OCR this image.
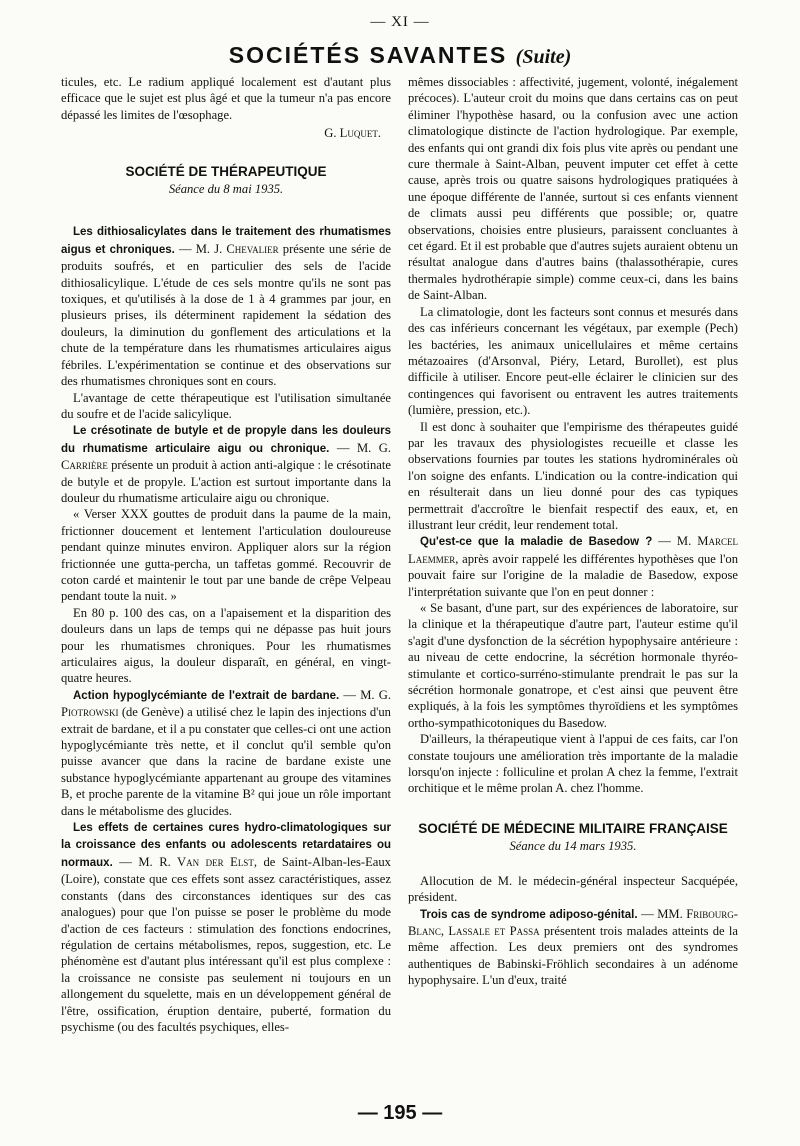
— XI —
SOCIÉTÉS SAVANTES (Suite)

ticules, etc. Le radium appliqué localement est d'autant plus efficace que le sujet est plus âgé et que la tumeur n'a pas encore dépassé les limites de l'œsophage.

G. Luquet.
SOCIÉTÉ DE THÉRAPEUTIQUE
Séance du 8 mai 1935.

Les dithiosalicylates dans le traitement des rhumatismes aigus et chroniques. — M. J. Chevalier présente une série de produits soufrés, et en particulier des sels de l'acide dithiosalicylique. L'étude de ces sels montre qu'ils ne sont pas toxiques, et qu'utilisés à la dose de 1 à 4 grammes par jour, en plusieurs prises, ils déterminent rapidement la sédation des douleurs, la diminution du gonflement des articulations et la chute de la température dans les rhumatismes articulaires aigus fébriles. L'expérimentation se continue et des observations sur des rhumatismes chroniques sont en cours.

L'avantage de cette thérapeutique est l'utilisation simultanée du soufre et de l'acide salicylique.

Le crésotinate de butyle et de propyle dans les douleurs du rhumatisme articulaire aigu ou chronique. — M. G. Carrière présente un produit à action anti-algique : le crésotinate de butyle et de propyle. L'action est surtout importante dans la douleur du rhumatisme articulaire aigu ou chronique.

« Verser XXX gouttes de produit dans la paume de la main, frictionner doucement et lentement l'articulation douloureuse pendant quinze minutes environ. Appliquer alors sur la région frictionnée une gutta-percha, un taffetas gommé. Recouvrir de coton cardé et maintenir le tout par une bande de crêpe Velpeau pendant toute la nuit. »

En 80 p. 100 des cas, on a l'apaisement et la disparition des douleurs dans un laps de temps qui ne dépasse pas huit jours pour les rhumatismes chroniques. Pour les rhumatismes articulaires aigus, la douleur disparaît, en général, en vingt-quatre heures.

Action hypoglycémiante de l'extrait de bardane. — M. G. Piotrowski (de Genève) a utilisé chez le lapin des injections d'un extrait de bardane, et il a pu constater que celles-ci ont une action hypoglycémiante très nette, et il conclut qu'il semble qu'on puisse avancer que dans la racine de bardane existe une substance hypoglycémiante appartenant au groupe des vitamines B, et proche parente de la vitamine B² qui joue un rôle important dans le métabolisme des glucides.

Les effets de certaines cures hydro-climatologiques sur la croissance des enfants ou adolescents retardataires ou normaux. — M. R. Van der Elst, de Saint-Alban-les-Eaux (Loire), constate que ces effets sont assez caractéristiques, assez constants (dans des circonstances identiques sur des cas analogues) pour que l'on puisse se poser le problème du mode d'action de ces facteurs : stimulation des fonctions endocrines, régulation de certains métabolismes, repos, suggestion, etc. Le phénomène est d'autant plus intéressant qu'il est plus complexe : la croissance ne consiste pas seulement ni toujours en un allongement du squelette, mais en un développement général de l'être, ossification, éruption dentaire, puberté, formation du psychisme (ou des facultés psychiques, elles-

mêmes dissociables : affectivité, jugement, volonté, inégalement précoces). L'auteur croit du moins que dans certains cas on peut éliminer l'hypothèse hasard, ou la confusion avec une action climatologique distincte de l'action hydrologique. Par exemple, des enfants qui ont grandi dix fois plus vite après ou pendant une cure thermale à Saint-Alban, peuvent imputer cet effet à cette cause, après trois ou quatre saisons hydrologiques pratiquées à une époque différente de l'année, surtout si ces enfants viennent de climats aussi peu différents que possible; or, quatre observations, choisies entre plusieurs, paraissent concluantes à cet égard. Et il est probable que d'autres sujets auraient obtenu un résultat analogue dans d'autres bains (thalassothérapie, cures thermales hydrothérapie simple) comme ceux-ci, dans les bains de Saint-Alban.

La climatologie, dont les facteurs sont connus et mesurés dans des cas inférieurs concernant les végétaux, par exemple (Pech) les bactéries, les animaux unicellulaires et même certains métazoaires (d'Arsonval, Piéry, Letard, Burollet), est plus difficile à utiliser. Encore peut-elle éclairer le clinicien sur des contingences qui favorisent ou entravent les autres traitements (lumière, pression, etc.).

Il est donc à souhaiter que l'empirisme des thérapeutes guidé par les travaux des physiologistes recueille et classe les observations fournies par toutes les stations hydrominérales où l'on soigne des enfants. L'indication ou la contre-indication qui en résulterait dans un lieu donné pour des cas typiques permettrait d'accroître le bienfait respectif des eaux, et, en illustrant leur crédit, leur rendement total.

Qu'est-ce que la maladie de Basedow ? — M. Marcel Laemmer, après avoir rappelé les différentes hypothèses que l'on pouvait faire sur l'origine de la maladie de Basedow, expose l'interprétation suivante que l'on en peut donner :

« Se basant, d'une part, sur des expériences de laboratoire, sur la clinique et la thérapeutique d'autre part, l'auteur estime qu'il s'agit d'une dysfonction de la sécrétion hypophysaire antérieure : au niveau de cette endocrine, la sécrétion hormonale thyréo-stimulante et cortico-surréno-stimulante prendrait le pas sur la sécrétion hormonale gonatrope, et c'est ainsi que peuvent être expliqués, à la fois les symptômes thyroïdiens et les symptômes ortho-sympathicotoniques du Basedow.

D'ailleurs, la thérapeutique vient à l'appui de ces faits, car l'on constate toujours une amélioration très importante de la maladie lorsqu'on injecte : folliculine et prolan A chez la femme, l'extrait orchitique et le même prolan A. chez l'homme.

SOCIÉTÉ DE MÉDECINE MILITAIRE FRANÇAISE
Séance du 14 mars 1935.

Allocution de M. le médecin-général inspecteur Sacquépée, président.

Trois cas de syndrome adiposo-génital. — MM. Fribourg-Blanc, Lassale et Passa présentent trois malades atteints de la même affection. Les deux premiers ont des syndromes authentiques de Babinski-Fröhlich secondaires à un adénome hypophysaire. L'un d'eux, traité

— 195 —
